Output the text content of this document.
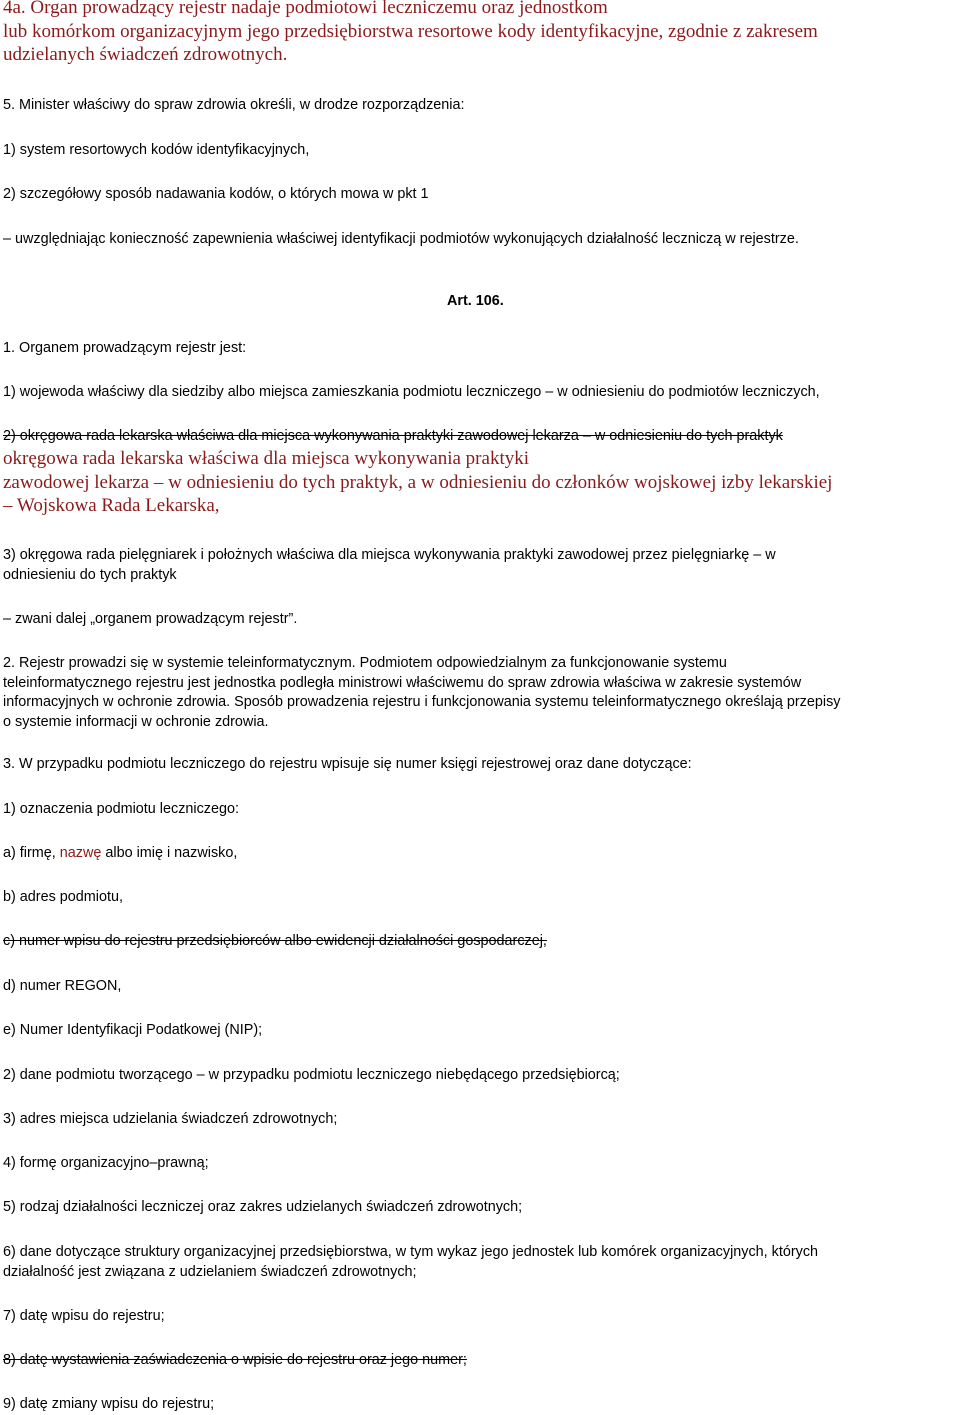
4a. Organ prowadzący rejestr nadaje podmiotowi leczniczemu oraz jednostkom

lub komórkom organizacyjnym jego przedsiębiorstwa resortowe kody identyfikacyjne, zgodnie z zakresem

udzielanych świadczeń zdrowotnych.

5. Minister właściwy do spraw zdrowia określi, w drodze rozporządzenia:

1) system resortowych kodów identyfikacyjnych,

2) szczegółowy sposób nadawania kodów, o których mowa w pkt 1

– uwzględniając konieczność zapewnienia właściwej identyfikacji podmiotów wykonujących działalność leczniczą w rejestrze.

Art. 106.

1. Organem prowadzącym rejestr jest:

1) wojewoda właściwy dla siedziby albo miejsca zamieszkania podmiotu leczniczego – w odniesieniu do podmiotów leczniczych,

2) okręgowa rada lekarska właściwa dla miejsca wykonywania praktyki zawodowej lekarza – w odniesieniu do tych praktyk

okręgowa rada lekarska właściwa dla miejsca wykonywania praktyki

zawodowej lekarza – w odniesieniu do tych praktyk, a w odniesieniu do członków wojskowej izby lekarskiej

– Wojskowa Rada Lekarska,

3) okręgowa rada pielęgniarek i położnych właściwa dla miejsca wykonywania praktyki zawodowej przez pielęgniarkę – w

odniesieniu do tych praktyk

– zwani dalej „organem prowadzącym rejestr”.

2. Rejestr prowadzi się w systemie teleinformatycznym. Podmiotem odpowiedzialnym za funkcjonowanie systemu

teleinformatycznego rejestru jest jednostka podległa ministrowi właściwemu do spraw zdrowia właściwa w zakresie systemów

informacyjnych w ochronie zdrowia. Sposób prowadzenia rejestru i funkcjonowania systemu teleinformatycznego określają przepisy

o systemie informacji w ochronie zdrowia.

3. W przypadku podmiotu leczniczego do rejestru wpisuje się numer księgi rejestrowej oraz dane dotyczące:

1) oznaczenia podmiotu leczniczego:

a) firmę, nazwę albo imię i nazwisko,

b) adres podmiotu,

c) numer wpisu do rejestru przedsiębiorców albo ewidencji działalności gospodarczej,

d) numer REGON,

e) Numer Identyfikacji Podatkowej (NIP);

2) dane podmiotu tworzącego – w przypadku podmiotu leczniczego niebędącego przedsiębiorcą;

3) adres miejsca udzielania świadczeń zdrowotnych;

4) formę organizacyjno–prawną;

5) rodzaj działalności leczniczej oraz zakres udzielanych świadczeń zdrowotnych;

6) dane dotyczące struktury organizacyjnej przedsiębiorstwa, w tym wykaz jego jednostek lub komórek organizacyjnych, których

działalność jest związana z udzielaniem świadczeń zdrowotnych;

7) datę wpisu do rejestru;

8) datę wystawienia zaświadczenia o wpisie do rejestru oraz jego numer;

9) datę zmiany wpisu do rejestru;
